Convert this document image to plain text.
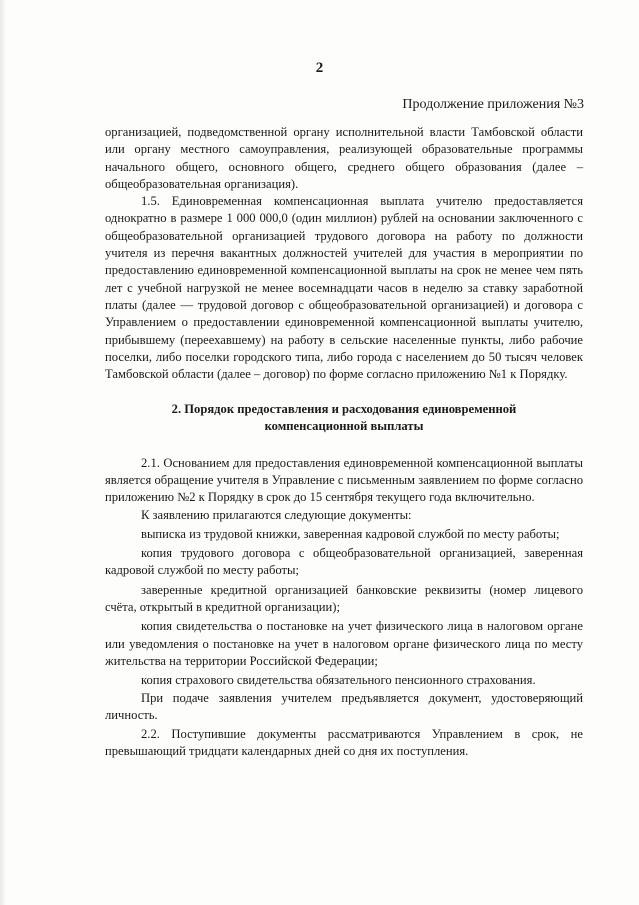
2
Продолжение приложения №3

организацией, подведомственной органу исполнительной власти Тамбовской области или органу местного самоуправления, реализующей образовательные программы начального общего, основного общего, среднего общего образования (далее – общеобразовательная организация).

1.5. Единовременная компенсационная выплата учителю предоставляется однократно в размере 1 000 000,0 (один миллион) рублей на основании заключенного с общеобразовательной организацией трудового договора на работу по должности учителя из перечня вакантных должностей учителей для участия в мероприятии по предоставлению единовременной компенсационной выплаты на срок не менее чем пять лет с учебной нагрузкой не менее восемнадцати часов в неделю за ставку заработной платы (далее — трудовой договор с общеобразовательной организацией) и договора с Управлением о предоставлении единовременной компенсационной выплаты учителю, прибывшему (переехавшему) на работу в сельские населенные пункты, либо рабочие поселки, либо поселки городского типа, либо города с населением до 50 тысяч человек Тамбовской области (далее – договор) по форме согласно приложению №1 к Порядку.

2. Порядок предоставления и расходования единовременной компенсационной выплаты

2.1. Основанием для предоставления единовременной компенсационной выплаты является обращение учителя в Управление с письменным заявлением по форме согласно приложению №2 к Порядку в срок до 15 сентября текущего года включительно.

К заявлению прилагаются следующие документы:

выписка из трудовой книжки, заверенная кадровой службой по месту работы;

копия трудового договора с общеобразовательной организацией, заверенная кадровой службой по месту работы;

заверенные кредитной организацией банковские реквизиты (номер лицевого счёта, открытый в кредитной организации);

копия свидетельства о постановке на учет физического лица в налоговом органе или уведомления о постановке на учет в налоговом органе физического лица по месту жительства на территории Российской Федерации;

копия страхового свидетельства обязательного пенсионного страхования.

При подаче заявления учителем предъявляется документ, удостоверяющий личность.

2.2. Поступившие документы рассматриваются Управлением в срок, не превышающий тридцати календарных дней со дня их поступления.
